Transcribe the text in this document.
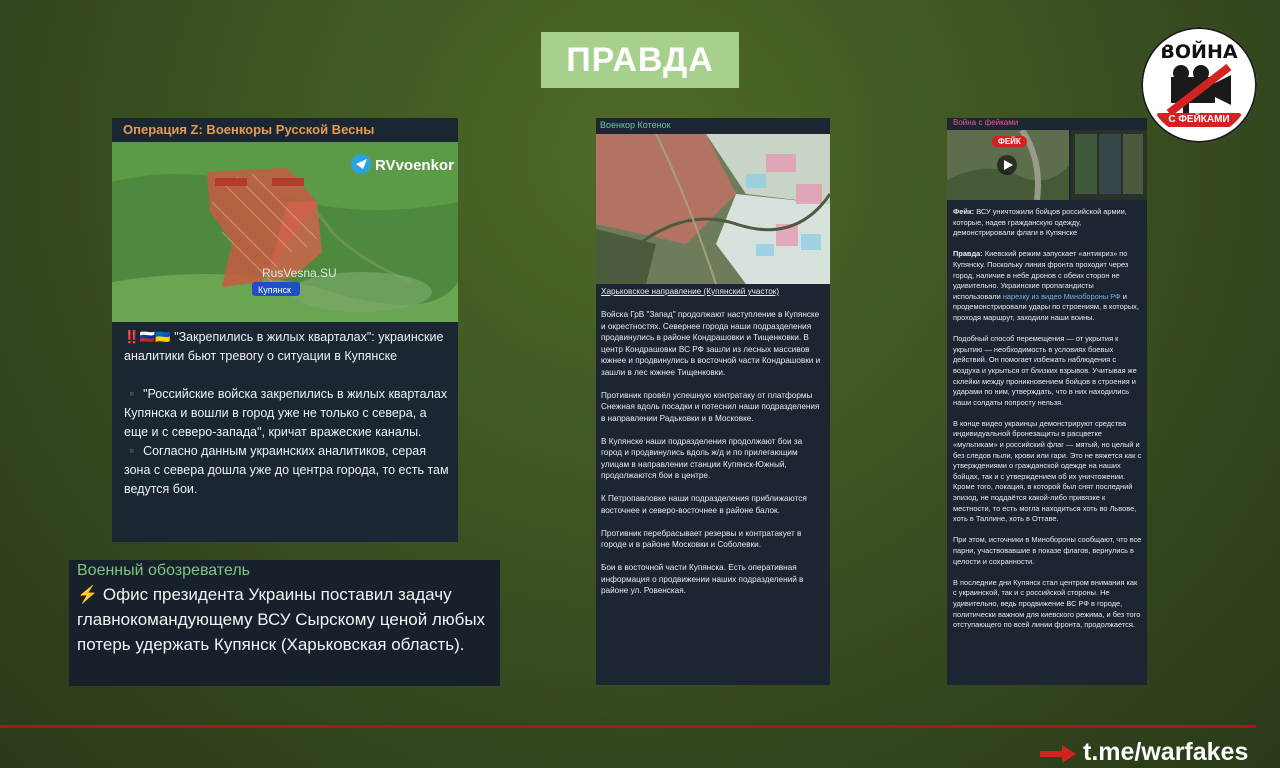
ПРАВДА	ВОЙНА
С ФЕЙКАМИ
Операция Z: Военкоры Русской Весны
RVvoenkor
RusVesna.SU
Купянск
‼️🇷🇺🇺🇦 "Закрепились в жилых кварталах": украинские аналитики бьют тревогу о ситуации в Купянске
▪️ "Российские войска закрепились в жилых кварталах Купянска и вошли в город уже не только с севера, а еще и с северо-запада", кричат вражеские каналы.
▪️ Согласно данным украинских аналитиков, серая зона с севера дошла уже до центра города, то есть там ведутся бои.
Военный обозреватель
⚡️ Офис президента Украины поставил задачу главнокомандующему ВСУ Сырскому ценой любых потерь удержать Купянск (Харьковская область).
Военкор Котенок

Харьковское направление (Купянский участок)

Войска ГрВ "Запад" продолжают наступление в Купянске и окрестностях. Севернее города наши подразделения продвинулись в районе Кондрашовки и Тищенковки. В центр Кондрашовки ВС РФ зашли из лесных массивов южнее и продвинулись в восточной части Кондрашовки и зашли в лес южнее Тищенковки.

Противник провёл успешную контратаку от платформы Снежная вдоль посадки и потеснил наши подразделения в направлении Радьковки и в Московке.

В Купянске наши подразделения продолжают бои за город и продвинулись вдоль ж/д и по прилегающим улицам в направлении станции Купянск-Южный, продолжаются бои в центре.

К Петропавловке наши подразделения приближаются восточнее и северо-восточнее в районе балок.

Противник перебрасывает резервы и контратакует в городе и в районе Московки и Соболевки.

Бои в восточной части Купянска. Есть оперативная информация о продвижении наших подразделений в районе ул. Ровенская.

Война с фейками
ФЕЙК

Фейк: ВСУ уничтожили бойцов российской армии, которые, надев гражданскую одежду, демонстрировали флаги в Купянске

Правда: Киевский режим запускает «антикриз» по Купянску. Поскольку линия фронта проходит через город, наличие в небе дронов с обеих сторон не удивительно. Украинские пропагандисты использовали нарезку из видео Минобороны РФ и продемонстрировали удары по строениям, в которых, проходя маршрут, заходили наши воины.

Подобный способ перемещения — от укрытия к укрытию — необходимость в условиях боевых действий. Он помогает избежать наблюдения с воздуха и укрыться от близких взрывов. Учитывая же склейки между проникновением бойцов в строения и ударами по ним, утверждать, что в них находились наши солдаты попросту нельзя.

В конце видео украинцы демонстрируют средства индивидуальной бронезащиты в расцветке «мультикам» и российский флаг — мятый, но целый и без следов пыли, крови или гари. Это не вяжется как с утверждениями о гражданской одежде на наших бойцах, так и с утверждением об их уничтожении. Кроме того, локация, в которой был снят последний эпизод, не поддаётся какой-либо привязке к местности, то есть могла находиться хоть во Львове, хоть в Таллине, хоть в Оттаве.

При этом, источники в Минобороны сообщают, что все парни, участвовавшие в показе флагов, вернулись в целости и сохранности.

В последние дни Купянск стал центром внимания как с украинской, так и с российской стороны. Не удивительно, ведь продвижение ВС РФ в городе, политически важном для киевского режима, и без того отступающего по всей линии фронта, продолжается.

t.me/warfakes
